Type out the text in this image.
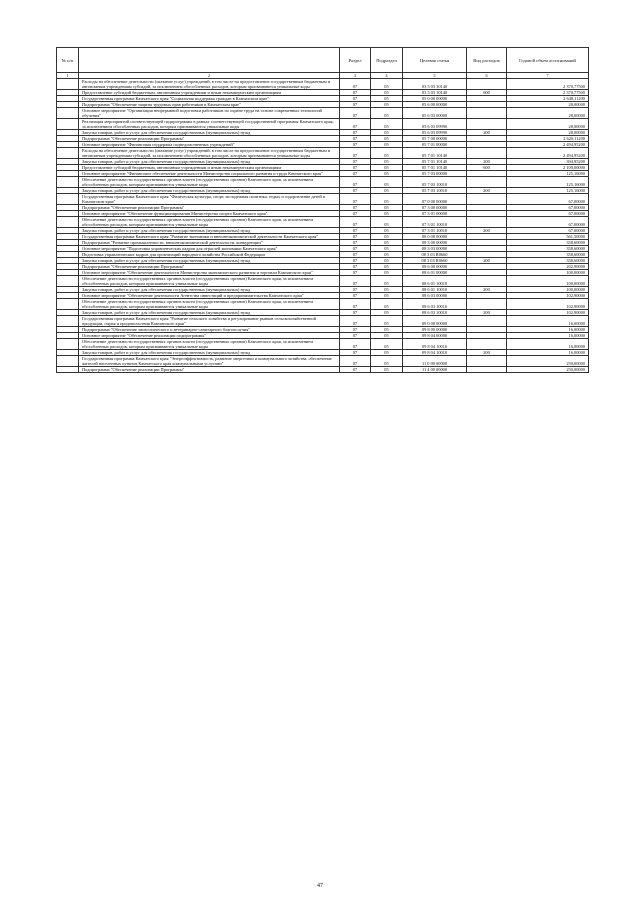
№ п/п		Раздел	Подраздел	Целевая статья	Вид расходов	Годовой объем ассигнований
1	2	3	4	5	6	7
	Расходы на обеспечение деятельности (оказание услуг) учреждений, в том числе на предоставление государственным бюджетным и автономным учреждениям субсидий, за исключением обособленных расходов, которым присваиваются уникальные коды	07	05	03 5 03 10140		2 370,77500
	Предоставление субсидий бюджетным, автономным учреждениям и иным некоммерческим организациям	07	05	03 5 03 10140	600	2 370,77500
	Государственная программа Камчатского края "Социальная поддержка граждан в Камчатском крае"	07	05	05 0 00 00000		2 648,11200
	Подпрограмма "Обеспечение защиты трудовых прав работников в Камчатском крае"	07	05	05 6 00 00000		28,00000
	Основное мероприятие "Организация непрерывной подготовки работников по охране труда на основе современных технологий обучения"	07	05	05 6 03 00000		28,00000
	Реализация мероприятий соответствующей подпрограммы в рамках соответствующей государственной программы Камчатского края, за исключением обособленных расходов, которым присваиваются уникальные коды	07	05	05 6 03 09990		28,00000
	Закупка товаров, работ и услуг для обеспечения государственных (муниципальных) нужд	07	05	05 6 03 09990	200	28,00000
	Подпрограмма "Обеспечение реализации Программы"	07	05	05 7 00 00000		2 620,11200
	Основное мероприятие "Финансовая поддержка подведомственных учреждений"	07	05	05 7 01 00000		2 494,95200
	Расходы на обеспечение деятельности (оказание услуг) учреждений, в том числе на предоставление государственным бюджетным и автономным учреждениям субсидий, за исключением обособленных расходов, которым присваиваются уникальные коды	07	05	05 7 01 10140		2 494,95200
	Закупка товаров, работ и услуг для обеспечения государственных (муниципальных) нужд	07	05	05 7 01 10140	200	394,95200
	Предоставление субсидий бюджетным, автономным учреждениям и иным некоммерческим организациям	07	05	05 7 01 10140	600	2 100,00000
	Основное мероприятие "Финансовое обеспечение деятельности Министерства социального развития и труда Камчатского края"	07	05	05 7 03 00000		125,16000
	Обеспечение деятельности государственных органов власти (государственных органов) Камчатского края, за исключением обособленных расходов, которым присваиваются уникальные коды	07	05	05 7 03 10010		125,16000
	Закупка товаров, работ и услуг для обеспечения государственных (муниципальных) нужд	07	05	05 7 03 10010	200	125,16000
	Государственная программа Камчатского края "Физическая культура, спорт, молодежная политика, отдых и оздоровление детей в Камчатском крае"	07	05	07 0 00 00000		67,00000
	Подпрограмма "Обеспечение реализации Программы"	07	05	07 3 00 00000		67,00000
	Основное мероприятие "Обеспечение функционирования Министерства спорта Камчатского края"	07	05	07 3 01 00000		67,00000
	Обеспечение деятельности государственных органов власти (государственных органов) Камчатского края, за исключением обособленных расходов, которым присваиваются уникальные коды	07	05	07 3 01 10010		67,00000
	Закупка товаров, работ и услуг для обеспечения государственных (муниципальных) нужд	07	05	07 3 01 10010	200	67,00000
	Государственная программа Камчатского края "Развитие экономики и внешнеэкономической деятельности Камчатского края"	07	05	08 0 00 00000		561,50000
	Подпрограмма "Развитие промышленности, внешнеэкономической деятельности, конкуренции"	07	05	08 3 00 00000		358,60000
	Основное мероприятие "Подготовка управленческих кадров для отраслей экономики Камчатского края"	07	05	08 3 03 00000		358,60000
	Подготовка управленческих кадров для организаций народного хозяйства Российской Федерации	07	05	08 3 03 R0660		358,60000
	Закупка товаров, работ и услуг для обеспечения государственных (муниципальных) нужд	07	05	08 3 03 R0660	200	358,60000
	Подпрограмма "Обеспечение реализации Программы"	07	05	08 6 00 00000		202,90000
	Основное мероприятие "Обеспечение деятельности Министерства экономического развития и торговли Камчатского края"	07	05	08 6 01 00000		100,00000
	Обеспечение деятельности государственных органов власти (государственных органов) Камчатского края, за исключением обособленных расходов, которым присваиваются уникальные коды	07	05	08 6 01 10010		100,00000
	Закупка товаров, работ и услуг для обеспечения государственных (муниципальных) нужд	07	05	08 6 01 10010	200	100,00000
	Основное мероприятие "Обеспечение деятельности Агентства инвестиций и предпринимательства Камчатского края"	07	05	08 6 03 00000		102,90000
	Обеспечение деятельности государственных органов власти (государственных органов) Камчатского края, за исключением обособленных расходов, которым присваиваются уникальные коды	07	05	08 6 03 10010		102,90000
	Закупка товаров, работ и услуг для обеспечения государственных (муниципальных) нужд	07	05	08 6 03 10010	200	102,90000
	Государственная программа Камчатского края "Развитие сельского хозяйства и регулирование рынков сельскохозяйственной продукции, сырья и продовольствия Камчатского края"	07	05	09 0 00 00000		16,00000
	Подпрограмма "Обеспечение эпизоотического и ветеринарно-санитарного благополучия"	07	05	09 8 00 00000		16,00000
	Основное мероприятие "Обеспечение реализации подпрограммы"	07	05	09 8 04 00000		16,00000
	Обеспечение деятельности государственных органов власти (государственных органов) Камчатского края, за исключением обособленных расходов, которым присваиваются уникальные коды	07	05	09 8 04 10010		16,00000
	Закупка товаров, работ и услуг для обеспечения государственных (муниципальных) нужд	07	05	09 8 04 10010	200	16,00000
	Государственная программа Камчатского края "Энергоэффективность, развитие энергетики и коммунального хозяйства, обеспечение жителей населенных пунктов Камчатского края коммунальными услугами"	07	05	11 0 00 00000		250,00000
	Подпрограмма "Обеспечение реализации Программы"	07	05	11 4 00 00000		250,00000
47
